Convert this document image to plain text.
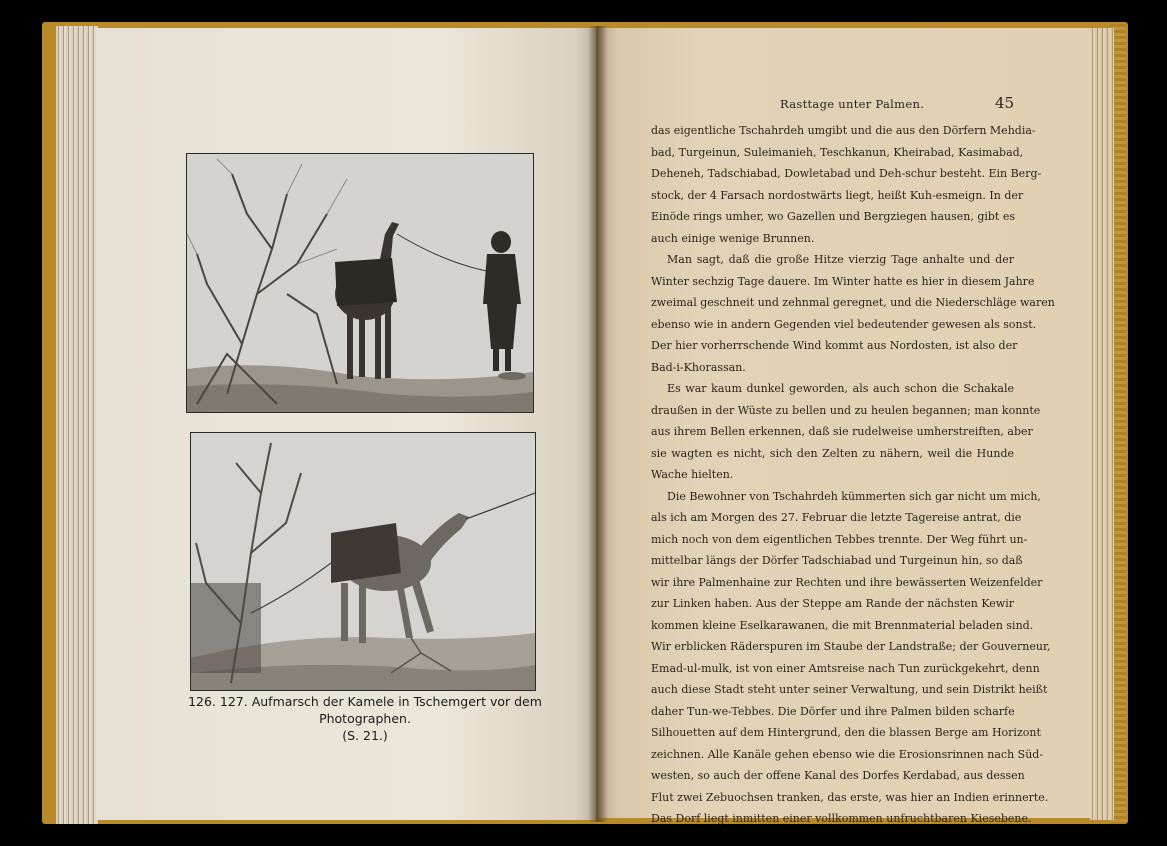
126. 127. Aufmarsch der Kamele in Tschemgert vor dem Photographen.
(S. 21.)
Rasttage unter Palmen.	45
das eigentliche Tschahrdeh umgibt und die aus den Dörfern Mehdia-
bad, Turgeinun, Suleimanieh, Teschkanun, Kheirabad, Kasimabad,
Deheneh, Tadschiabad, Dowletabad und Deh-schur besteht. Ein Berg-
stock, der 4 Farsach nordostwärts liegt, heißt Kuh-esmeign. In der
Einöde rings umher, wo Gazellen und Bergziegen hausen, gibt es
auch einige wenige Brunnen.
Man sagt, daß die große Hitze vierzig Tage anhalte und der
Winter sechzig Tage dauere. Im Winter hatte es hier in diesem Jahre
zweimal geschneit und zehnmal geregnet, und die Niederschläge waren
ebenso wie in andern Gegenden viel bedeutender gewesen als sonst.
Der hier vorherrschende Wind kommt aus Nordosten, ist also der
Bad-i-Khorassan.
Es war kaum dunkel geworden, als auch schon die Schakale
draußen in der Wüste zu bellen und zu heulen begannen; man konnte
aus ihrem Bellen erkennen, daß sie rudelweise umherstreiften, aber
sie wagten es nicht, sich den Zelten zu nähern, weil die Hunde
Wache hielten.
Die Bewohner von Tschahrdeh kümmerten sich gar nicht um mich,
als ich am Morgen des 27. Februar die letzte Tagereise antrat, die
mich noch von dem eigentlichen Tebbes trennte. Der Weg führt un-
mittelbar längs der Dörfer Tadschiabad und Turgeinun hin, so daß
wir ihre Palmenhaine zur Rechten und ihre bewässerten Weizenfelder
zur Linken haben. Aus der Steppe am Rande der nächsten Kewir
kommen kleine Eselkarawanen, die mit Brennmaterial beladen sind.
Wir erblicken Räderspuren im Staube der Landstraße; der Gouverneur,
Emad-ul-mulk, ist von einer Amtsreise nach Tun zurückgekehrt, denn
auch diese Stadt steht unter seiner Verwaltung, und sein Distrikt heißt
daher Tun-we-Tebbes. Die Dörfer und ihre Palmen bilden scharfe
Silhouetten auf dem Hintergrund, den die blassen Berge am Horizont
zeichnen. Alle Kanäle gehen ebenso wie die Erosionsrinnen nach Süd-
westen, so auch der offene Kanal des Dorfes Kerdabad, aus dessen
Flut zwei Zebuochsen tranken, das erste, was hier an Indien erinnerte.
Das Dorf liegt inmitten einer vollkommen unfruchtbaren Kiesebene.
